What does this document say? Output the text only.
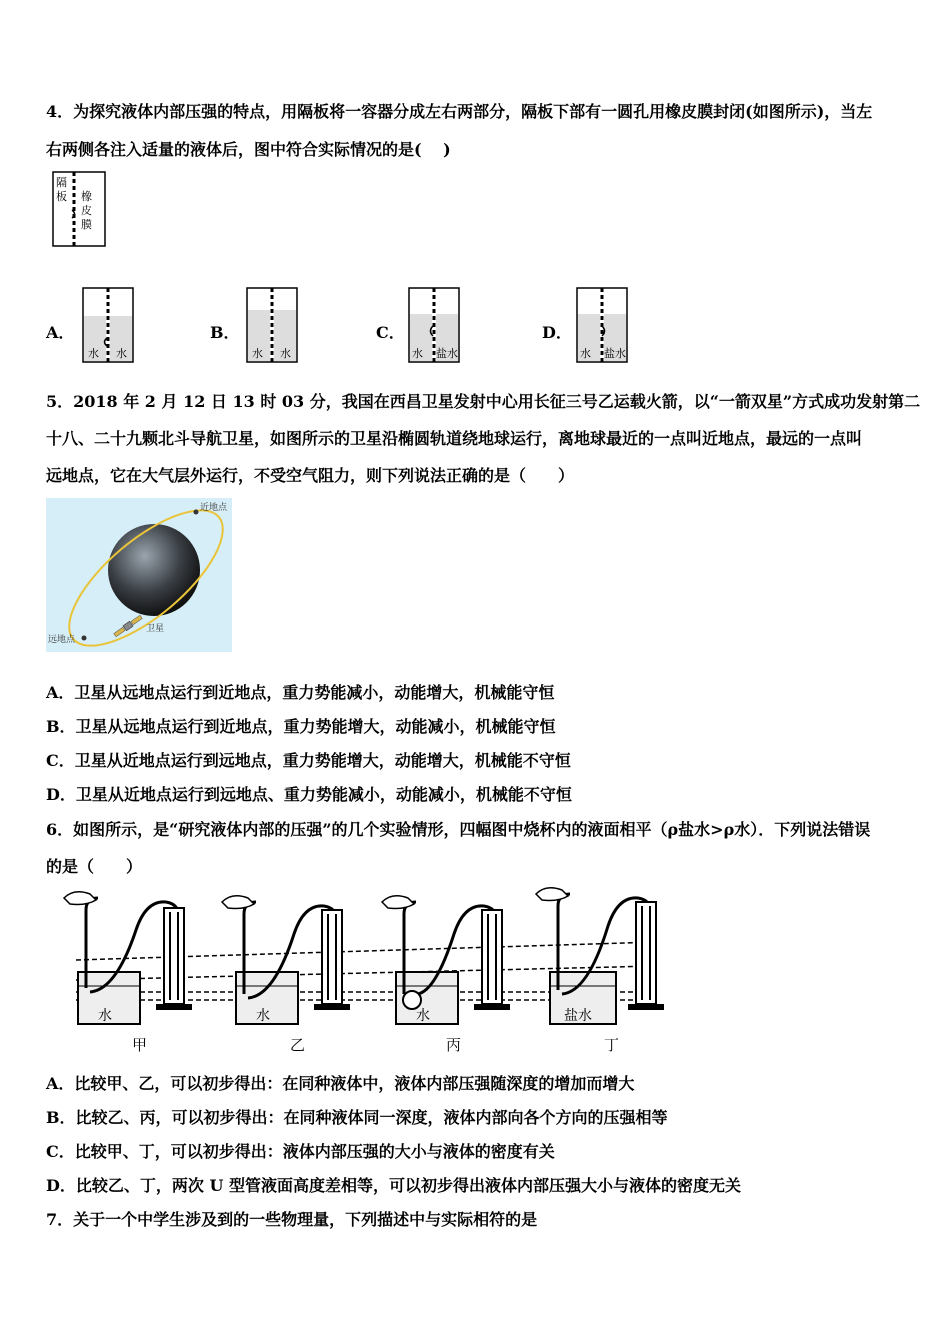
4．为探究液体内部压强的特点，用隔板将一容器分成左右两部分，隔板下部有一圆孔用橡皮膜封闭(如图所示)，当左
右两侧各注入适量的液体后，图中符合实际情况的是(　 )
隔
板 橡
皮
膜
A．
水 水
B．
水 水
C．
水 盐水
D．
水 盐水
5．2018 年 2 月 12 日 13 时 03 分，我国在西昌卫星发射中心用长征三号乙运载火箭，以“一箭双星”方式成功发射第二
十八、二十九颗北斗导航卫星，如图所示的卫星沿椭圆轨道绕地球运行，离地球最近的一点叫近地点，最远的一点叫
远地点，它在大气层外运行，不受空气阻力，则下列说法正确的是（　　）
近地点
远地点
卫星
A．卫星从远地点运行到近地点，重力势能减小，动能增大，机械能守恒
B．卫星从远地点运行到近地点，重力势能增大，动能减小，机械能守恒
C．卫星从近地点运行到远地点，重力势能增大，动能增大，机械能不守恒
D．卫星从近地点运行到远地点、重力势能减小，动能减小，机械能不守恒
6．如图所示，是“研究液体内部的压强”的几个实验情形，四幅图中烧杯内的液面相平（ρ盐水>ρ水）．下列说法错误
的是（　　）
水	水	水	盐水
甲	乙	丙	丁
A．比较甲、乙，可以初步得出：在同种液体中，液体内部压强随深度的增加而增大
B．比较乙、丙，可以初步得出：在同种液体同一深度，液体内部向各个方向的压强相等
C．比较甲、丁，可以初步得出：液体内部压强的大小与液体的密度有关
D．比较乙、丁，两次 U 型管液面高度差相等，可以初步得出液体内部压强大小与液体的密度无关
7．关于一个中学生涉及到的一些物理量，下列描述中与实际相符的是
